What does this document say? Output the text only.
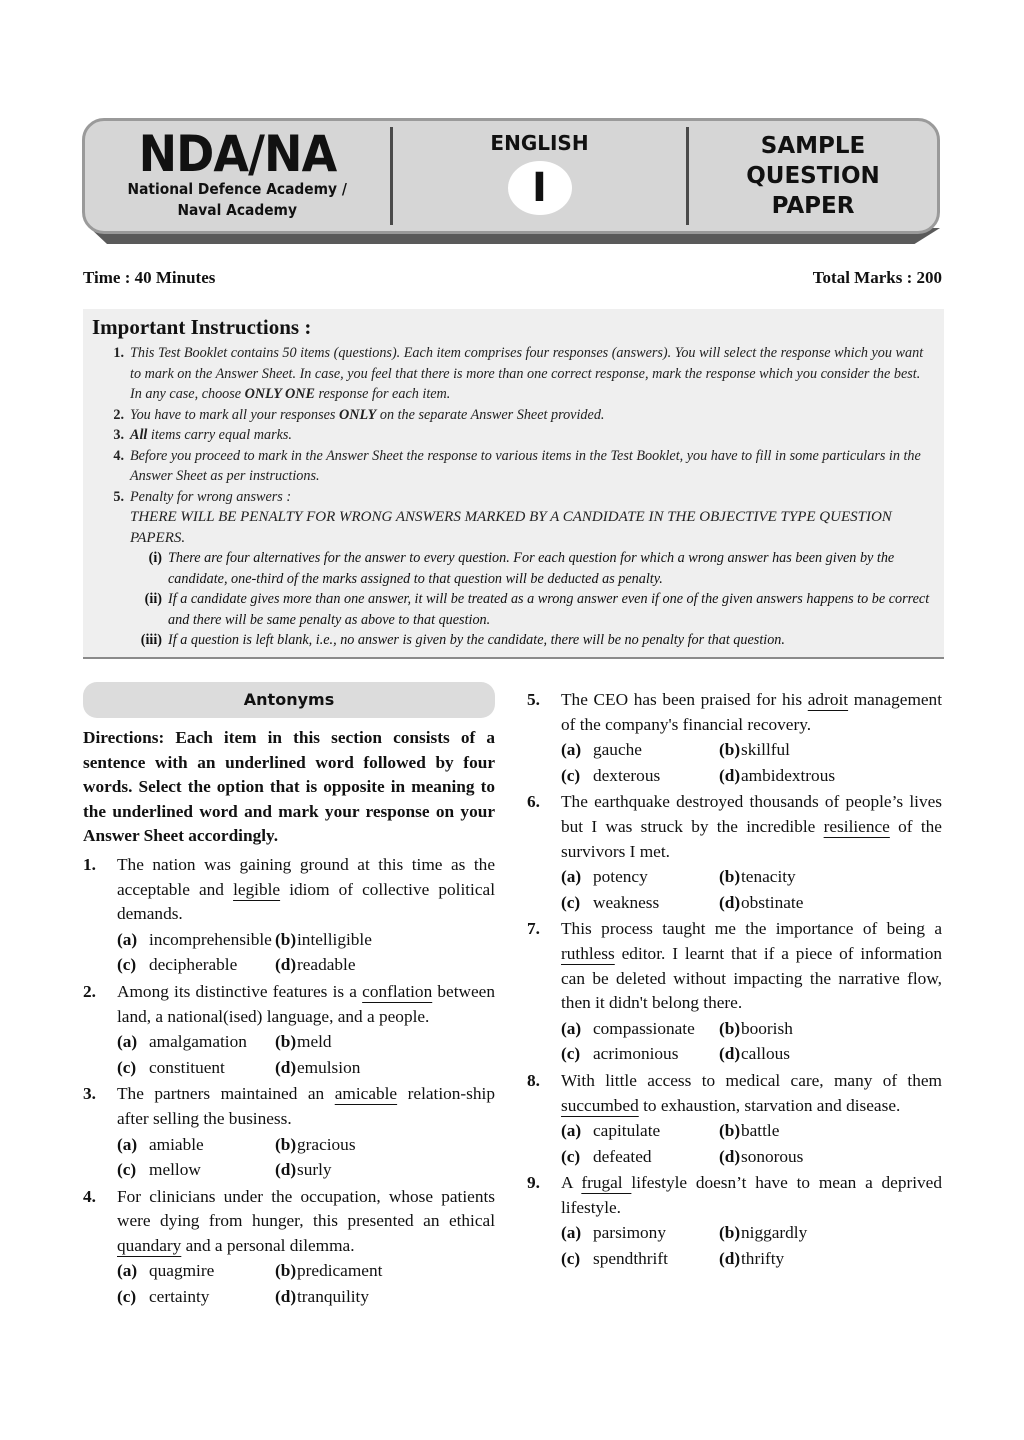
NDA/NA
National Defence Academy /
Naval Academy
ENGLISH
I
SAMPLE
QUESTION
PAPER
Time : 40 Minutes	Total Marks : 200
Important Instructions :
1. This Test Booklet contains 50 items (questions). Each item comprises four responses (answers). You will select the response which you want to mark on the Answer Sheet. In case, you feel that there is more than one correct response, mark the response which you consider the best. In any case, choose ONLY ONE response for each item.
2. You have to mark all your responses ONLY on the separate Answer Sheet provided.
3. All items carry equal marks.
4. Before you proceed to mark in the Answer Sheet the response to various items in the Test Booklet, you have to fill in some particulars in the Answer Sheet as per instructions.
5. Penalty for wrong answers :
THERE WILL BE PENALTY FOR WRONG ANSWERS MARKED BY A CANDIDATE IN THE OBJECTIVE TYPE QUESTION PAPERS.
(i) There are four alternatives for the answer to every question. For each question for which a wrong answer has been given by the candidate, one-third of the marks assigned to that question will be deducted as penalty.
(ii) If a candidate gives more than one answer, it will be treated as a wrong answer even if one of the given answers happens to be correct and there will be same penalty as above to that question.
(iii) If a question is left blank, i.e., no answer is given by the candidate, there will be no penalty for that question.
Antonyms
Directions: Each item in this section consists of a sentence with an underlined word followed by four words. Select the option that is opposite in meaning to the underlined word and mark your response on your Answer Sheet accordingly.
1.	The nation was gaining ground at this time as the acceptable and legible idiom of collective political demands.
(a) incomprehensible (b) intelligible
(c) decipherable (d) readable
2.	Among its distinctive features is a conflation between land, a national(ised) language, and a people.
(a) amalgamation (b) meld
(c) constituent	(d) emulsion
3.	The partners maintained an amicable relation-ship after selling the business.
(a) amiable	(b) gracious
(c) mellow	(d) surly
4.	For clinicians under the occupation, whose patients were dying from hunger, this presented an ethical quandary and a personal dilemma.
(a) quagmire	(b) predicament
(c) certainty	(d) tranquility
5.	The CEO has been praised for his adroit management of the company's financial recovery.
(a) gauche	(b) skillful
(c) dexterous	(d) ambidextrous
6.	The earthquake destroyed thousands of people’s lives but I was struck by the incredible resilience of the survivors I met.
(a) potency	(b) tenacity
(c) weakness	(d) obstinate
7.	This process taught me the importance of being a ruthless editor. I learnt that if a piece of information can be deleted without impacting the narrative flow, then it didn't belong there.
(a) compassionate (b) boorish
(c) acrimonious (d) callous
8.	With little access to medical care, many of them succumbed to exhaustion, starvation and disease.
(a) capitulate	(b) battle
(c) defeated	(d) sonorous
9.	A frugal lifestyle doesn’t have to mean a deprived lifestyle.
(a) parsimony	(b) niggardly
(c) spendthrift	(d) thrifty
